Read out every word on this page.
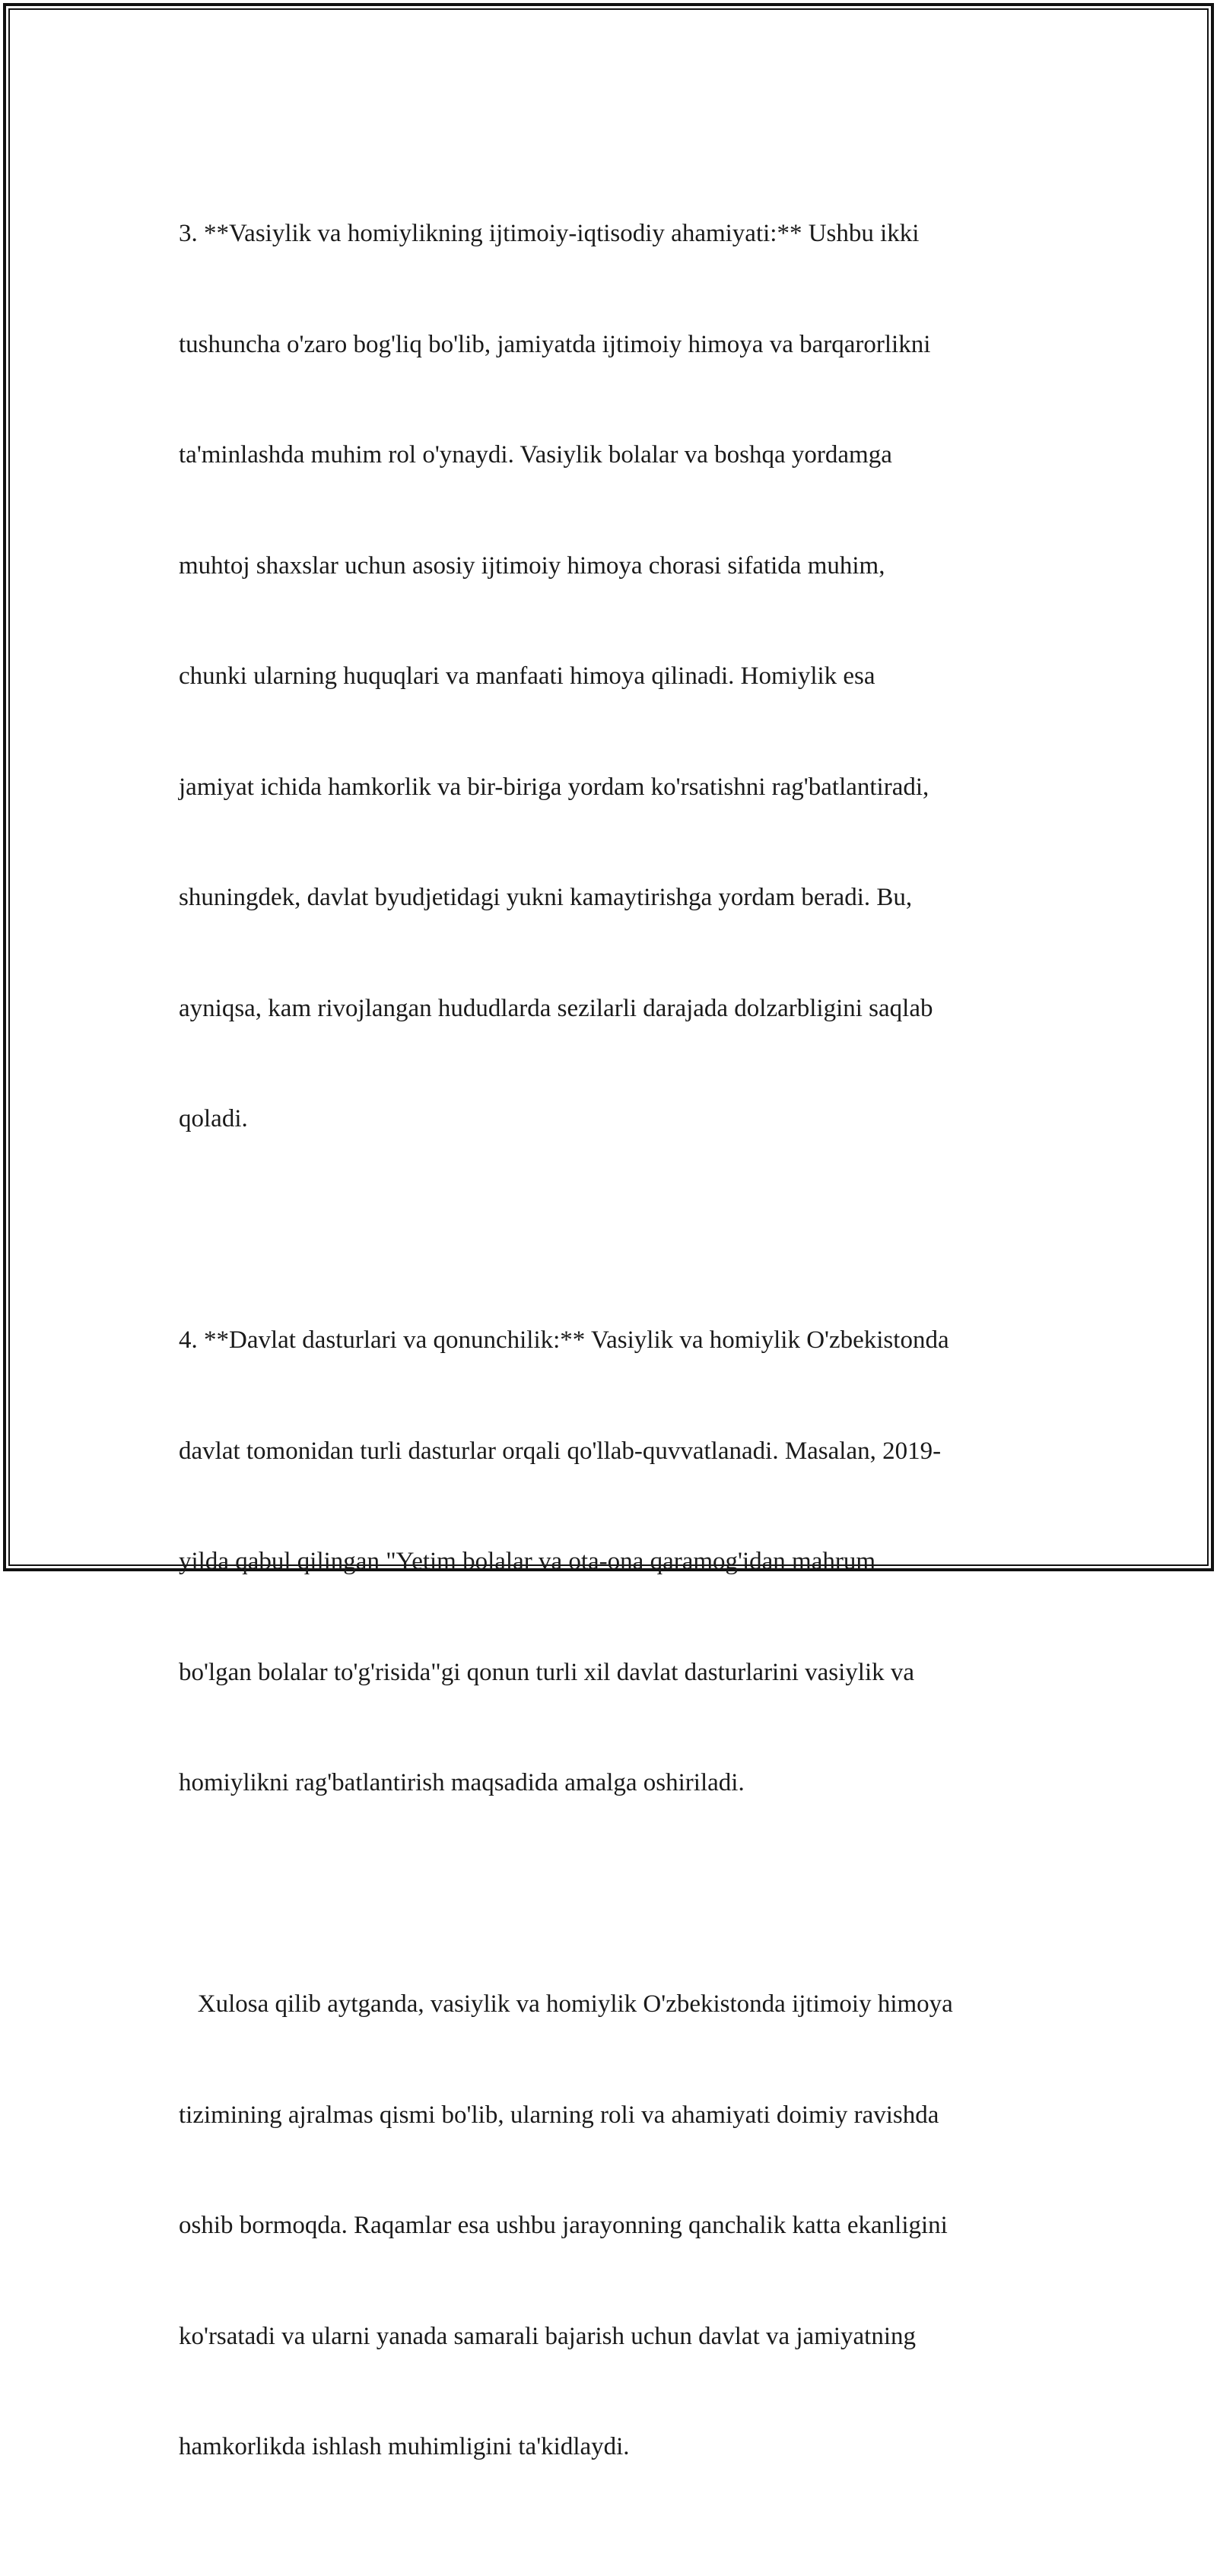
3. **Vasiylik va homiylikning ijtimoiy-iqtisodiy ahamiyati:** Ushbu ikki

tushuncha o'zaro bog'liq bo'lib, jamiyatda ijtimoiy himoya va barqarorlikni

ta'minlashda muhim rol o'ynaydi. Vasiylik bolalar va boshqa yordamga

muhtoj shaxslar uchun asosiy ijtimoiy himoya chorasi sifatida muhim,

chunki ularning huquqlari va manfaati himoya qilinadi. Homiylik esa

jamiyat ichida hamkorlik va bir-biriga yordam ko'rsatishni rag'batlantiradi,

shuningdek, davlat byudjetidagi yukni kamaytirishga yordam beradi. Bu,

ayniqsa, kam rivojlangan hududlarda sezilarli darajada dolzarbligini saqlab

qoladi.

4. **Davlat dasturlari va qonunchilik:** Vasiylik va homiylik O'zbekistonda

davlat tomonidan turli dasturlar orqali qo'llab-quvvatlanadi. Masalan, 2019-

yilda qabul qilingan "Yetim bolalar va ota-ona qaramog'idan mahrum

bo'lgan bolalar to'g'risida"gi qonun turli xil davlat dasturlarini vasiylik va

homiylikni rag'batlantirish maqsadida amalga oshiriladi.

Xulosa qilib aytganda, vasiylik va homiylik O'zbekistonda ijtimoiy himoya

tizimining ajralmas qismi bo'lib, ularning roli va ahamiyati doimiy ravishda

oshib bormoqda. Raqamlar esa ushbu jarayonning qanchalik katta ekanligini

ko'rsatadi va ularni yanada samarali bajarish uchun davlat va jamiyatning

hamkorlikda ishlash muhimligini ta'kidlaydi.
